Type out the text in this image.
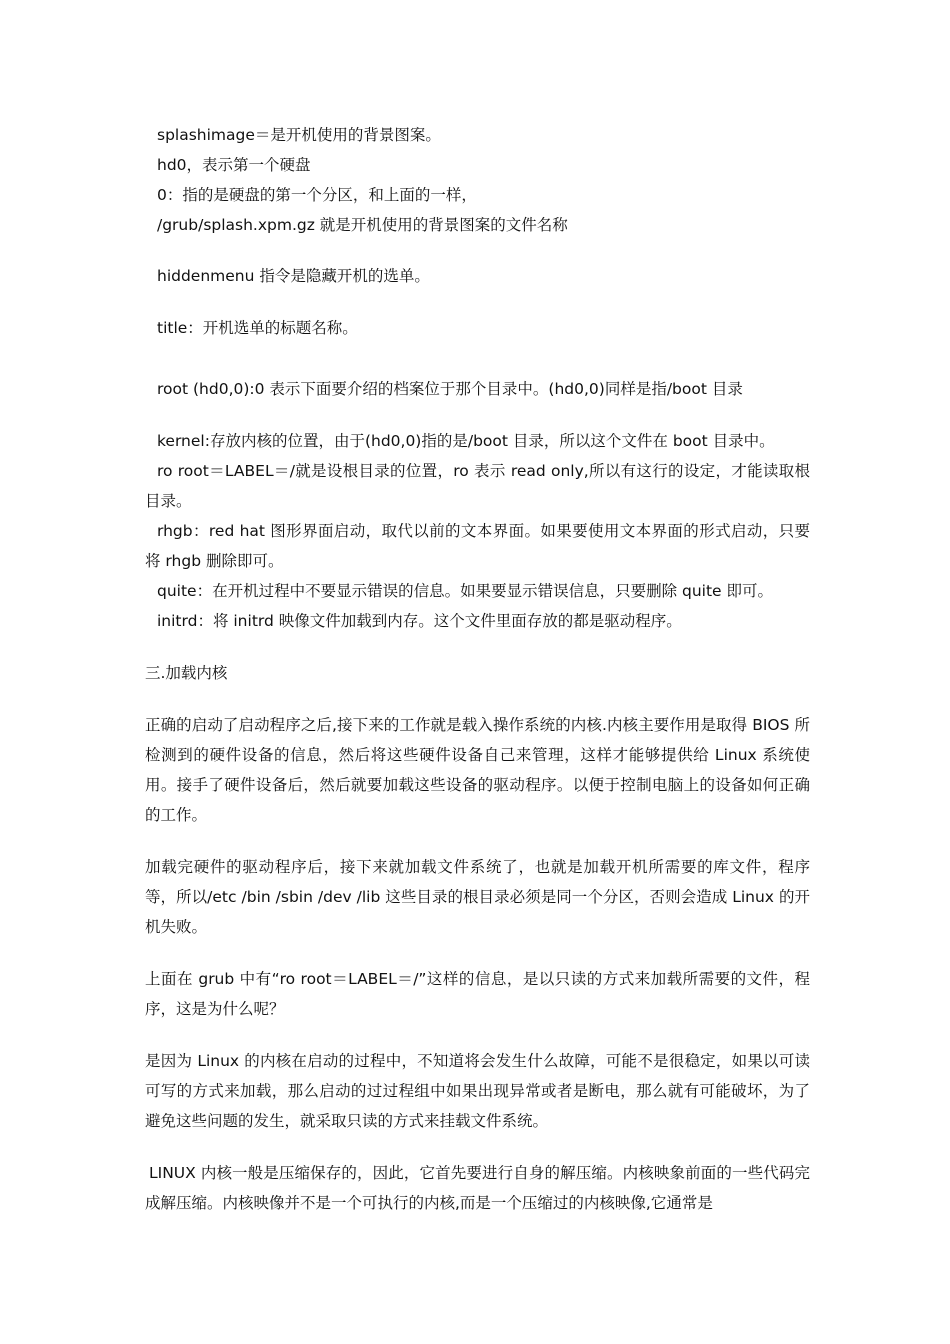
splashimage＝是开机使用的背景图案。
hd0，表示第一个硬盘
0：指的是硬盘的第一个分区，和上面的一样，
/grub/splash.xpm.gz 就是开机使用的背景图案的文件名称
hiddenmenu 指令是隐藏开机的选单。
title：开机选单的标题名称。
root (hd0,0):0 表示下面要介绍的档案位于那个目录中。(hd0,0)同样是指/boot 目录
kernel:存放内核的位置，由于(hd0,0)指的是/boot 目录，所以这个文件在 boot 目录中。

ro root＝LABEL＝/就是设根目录的位置，ro 表示 read only,所以有这行的设定，才能读取根目录。

rhgb：red hat 图形界面启动，取代以前的文本界面。如果要使用文本界面的形式启动，只要将 rhgb 删除即可。

quite：在开机过程中不要显示错误的信息。如果要显示错误信息，只要删除 quite 即可。
initrd：将 initrd 映像文件加载到内存。这个文件里面存放的都是驱动程序。
三.加载内核

正确的启动了启动程序之后,接下来的工作就是载入操作系统的内核.内核主要作用是取得 BIOS 所检测到的硬件设备的信息，然后将这些硬件设备自己来管理，这样才能够提供给 Linux 系统使用。接手了硬件设备后，然后就要加载这些设备的驱动程序。以便于控制电脑上的设备如何正确的工作。

加载完硬件的驱动程序后，接下来就加载文件系统了，也就是加载开机所需要的库文件，程序等，所以/etc /bin /sbin /dev /lib 这些目录的根目录必须是同一个分区，否则会造成 Linux 的开机失败。

上面在 grub 中有“ro root＝LABEL＝/”这样的信息，是以只读的方式来加载所需要的文件，程序，这是为什么呢？

是因为 Linux 的内核在启动的过程中，不知道将会发生什么故障，可能不是很稳定，如果以可读可写的方式来加载，那么启动的过过程组中如果出现异常或者是断电，那么就有可能破坏，为了避免这些问题的发生，就采取只读的方式来挂载文件系统。

LINUX 内核一般是压缩保存的，因此，它首先要进行自身的解压缩。内核映象前面的一些代码完成解压缩。内核映像并不是一个可执行的内核,而是一个压缩过的内核映像,它通常是
